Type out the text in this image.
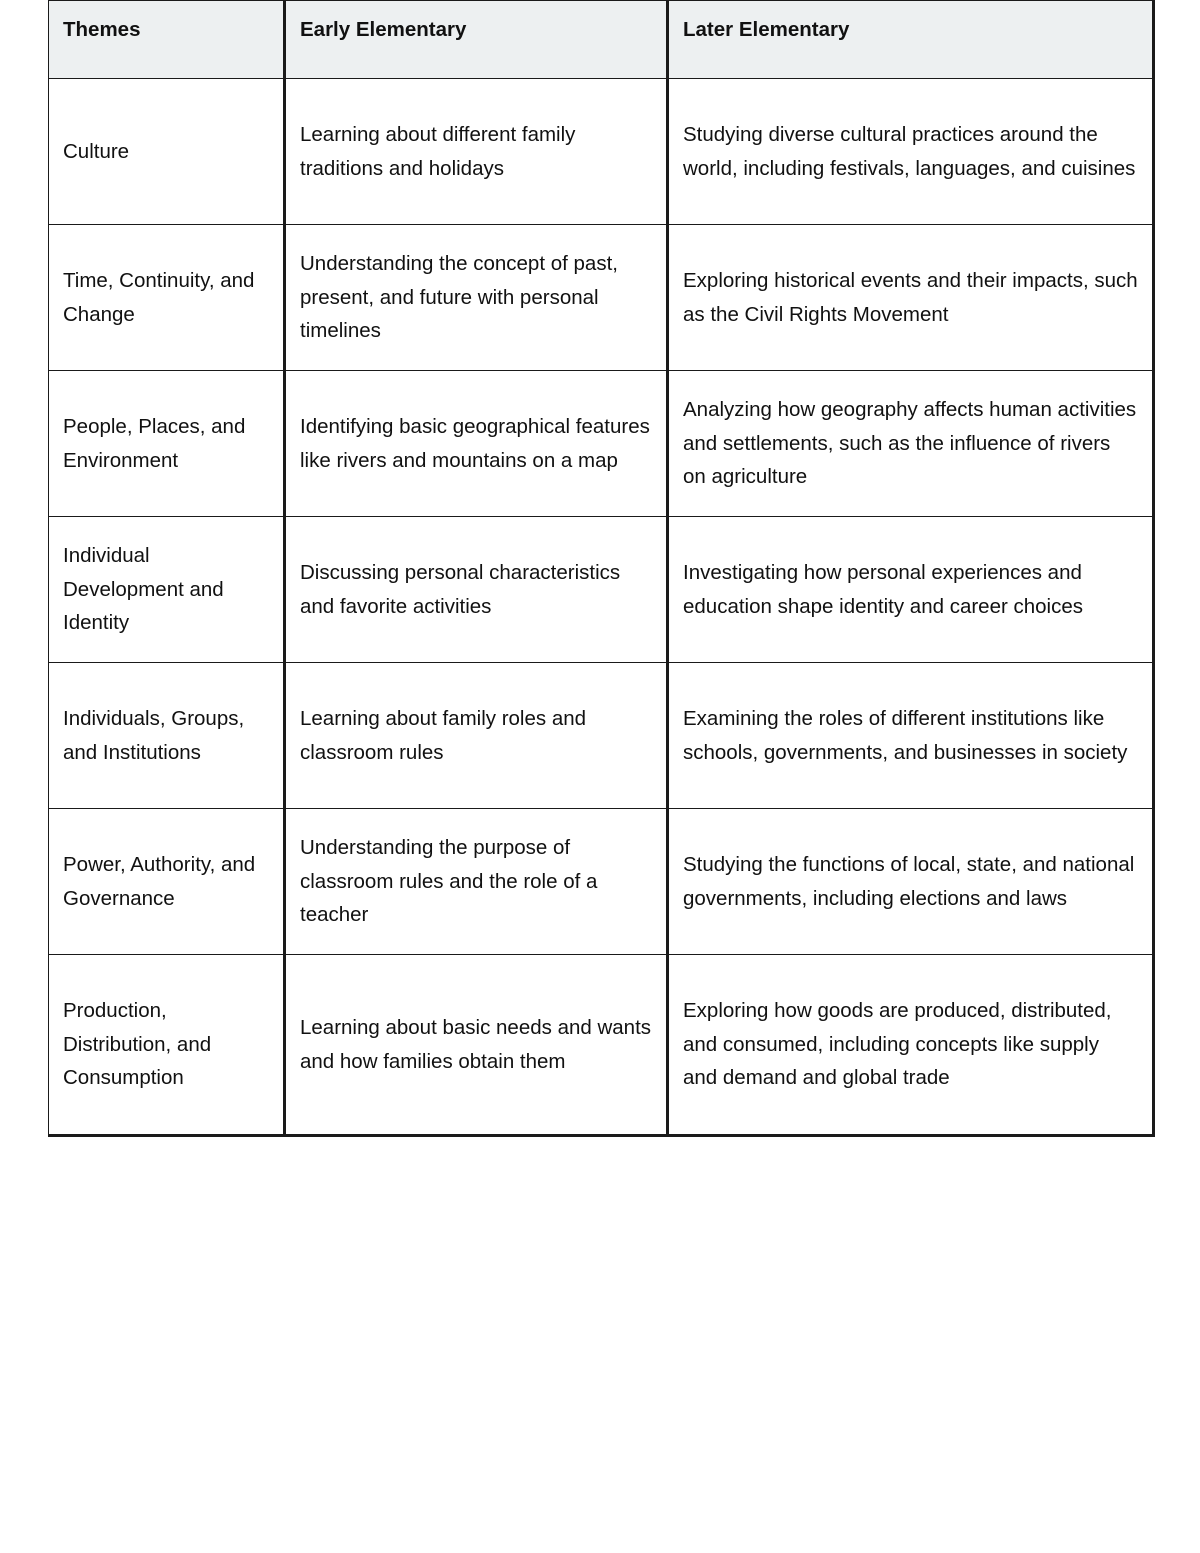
Themes	Early Elementary	Later Elementary
Culture	Learning about different family traditions and holidays	Studying diverse cultural practices around the world, including festivals, languages, and cuisines
Time, Continuity, and Change	Understanding the concept of past, present, and future with personal timelines	Exploring historical events and their impacts, such as the Civil Rights Movement
People, Places, and Environment	Identifying basic geographical features like rivers and mountains on a map	Analyzing how geography affects human activities and settlements, such as the influence of rivers on agriculture
Individual Development and Identity	Discussing personal characteristics and favorite activities	Investigating how personal experiences and education shape identity and career choices
Individuals, Groups, and Institutions	Learning about family roles and classroom rules	Examining the roles of different institutions like schools, governments, and businesses in society
Power, Authority, and Governance	Understanding the purpose of classroom rules and the role of a teacher	Studying the functions of local, state, and national governments, including elections and laws
Production, Distribution, and Consumption	Learning about basic needs and wants and how families obtain them	Exploring how goods are produced, distributed, and consumed, including concepts like supply and demand and global trade
